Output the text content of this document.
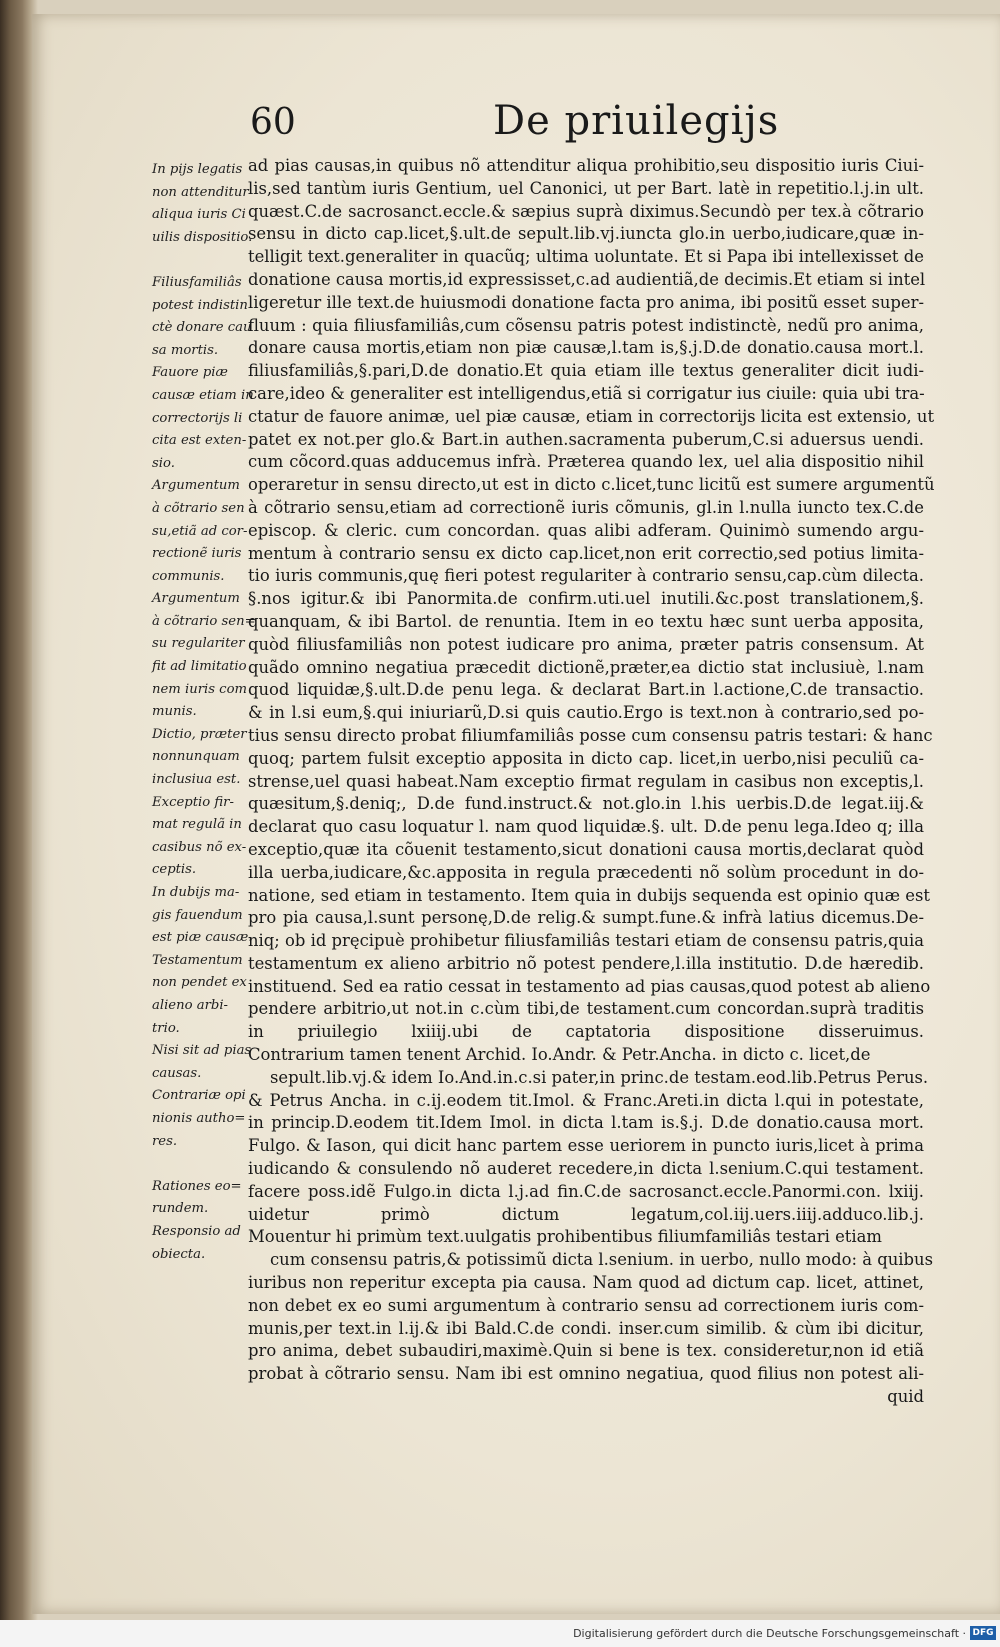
60	De priuilegijs
In pijs legatis
non attenditur
aliqua iuris Ci
uilis dispositio.
Filiusfamiliâs
potest indistin
ctè donare cau
sa mortis.
Fauore piæ
causæ etiam in
correctorijs li
cita est exten-
sio.
Argumentum
à cõtrario sen
su,etiã ad cor-
rectionẽ iuris
communis.
Argumentum
à cõtrario sen=
su regulariter
fit ad limitatio
nem iuris com
munis.
Dictio, præter
nonnunquam
inclusiua est.
Exceptio fir-
mat regulã in
casibus nõ ex-
ceptis.
In dubijs ma-
gis fauendum
est piæ causæ.
Testamentum
non pendet ex
alieno arbi-
trio.
Nisi sit ad pias
causas.
Contrariæ opi
nionis autho=
res.
Rationes eo=
rundem.
Responsio ad
obiecta.
ad pias causas,in quibus nõ attenditur aliqua prohibitio,seu dispositio iuris Ciui-
lis,sed tantùm iuris Gentium, uel Canonici, ut per Bart. latè in repetitio.l.j.in ult.
quæst.C.de sacrosanct.eccle.& sæpius suprà diximus.Secundò per tex.à cõtrario
sensu in dicto cap.licet,§.ult.de sepult.lib.vj.iuncta glo.in uerbo,iudicare,quæ in-
telligit text.generaliter in quacũq; ultima uoluntate. Et si Papa ibi intellexisset de
donatione causa mortis,id expressisset,c.ad audientiã,de decimis.Et etiam si intel
ligeretur ille text.de huiusmodi donatione facta pro anima, ibi positũ esset super-
fluum : quia filiusfamiliâs,cum cõsensu patris potest indistinctè, nedũ pro anima,
donare causa mortis,etiam non piæ causæ,l.tam is,§.j.D.de donatio.causa mort.l.
filiusfamiliâs,§.pari,D.de donatio.Et quia etiam ille textus generaliter dicit iudi-
care,ideo & generaliter est intelligendus,etiã si corrigatur ius ciuile: quia ubi tra-
ctatur de fauore animæ, uel piæ causæ, etiam in correctorijs licita est extensio, ut
patet ex not.per glo.& Bart.in authen.sacramenta puberum,C.si aduersus uendi.
cum cõcord.quas adducemus infrà. Præterea quando lex, uel alia dispositio nihil
operaretur in sensu directo,ut est in dicto c.licet,tunc licitũ est sumere argumentũ
à cõtrario sensu,etiam ad correctionẽ iuris cõmunis, gl.in l.nulla iuncto tex.C.de
episcop. & cleric. cum concordan. quas alibi adferam. Quinimò sumendo argu-
mentum à contrario sensu ex dicto cap.licet,non erit correctio,sed potius limita-
tio iuris communis,quę fieri potest regulariter à contrario sensu,cap.cùm dilecta.
§.nos igitur.& ibi Panormita.de confirm.uti.uel inutili.&c.post translationem,§.
quanquam, & ibi Bartol. de renuntia. Item in eo textu hæc sunt uerba apposita,
quòd filiusfamiliâs non potest iudicare pro anima, præter patris consensum. At
quãdo omnino negatiua præcedit dictionẽ,præter,ea dictio stat inclusiuè, l.nam
quod liquidæ,§.ult.D.de penu lega. & declarat Bart.in l.actione,C.de transactio.
& in l.si eum,§.qui iniuriarũ,D.si quis cautio.Ergo is text.non à contrario,sed po-
tius sensu directo probat filiumfamiliâs posse cum consensu patris testari: & hanc
quoq; partem fulsit exceptio apposita in dicto cap. licet,in uerbo,nisi peculiũ ca-
strense,uel quasi habeat.Nam exceptio firmat regulam in casibus non exceptis,l.
quæsitum,§.deniq;, D.de fund.instruct.& not.glo.in l.his uerbis.D.de legat.iij.&
declarat quo casu loquatur l. nam quod liquidæ.§. ult. D.de penu lega.Ideo q; illa
exceptio,quæ ita cõuenit testamento,sicut donationi causa mortis,declarat quòd
illa uerba,iudicare,&c.apposita in regula præcedenti nõ solùm procedunt in do-
natione, sed etiam in testamento. Item quia in dubijs sequenda est opinio quæ est
pro pia causa,l.sunt personę,D.de relig.& sumpt.fune.& infrà latius dicemus.De-
niq; ob id pręcipuè prohibetur filiusfamiliâs testari etiam de consensu patris,quia
testamentum ex alieno arbitrio nõ potest pendere,l.illa institutio. D.de hæredib.
instituend. Sed ea ratio cessat in testamento ad pias causas,quod potest ab alieno
pendere arbitrio,ut not.in c.cùm tibi,de testament.cum concordan.suprà traditis
in priuilegio lxiiij.ubi de captatoria dispositione disseruimus.
Contrarium tamen tenent Archid. Io.Andr. & Petr.Ancha. in dicto c. licet,de
sepult.lib.vj.& idem Io.And.in.c.si pater,in princ.de testam.eod.lib.Petrus Perus.
& Petrus Ancha. in c.ij.eodem tit.Imol. & Franc.Areti.in dicta l.qui in potestate,
in princip.D.eodem tit.Idem Imol. in dicta l.tam is.§.j. D.de donatio.causa mort.
Fulgo. & Iason, qui dicit hanc partem esse ueriorem in puncto iuris,licet à prima
iudicando & consulendo nõ auderet recedere,in dicta l.senium.C.qui testament.
facere poss.idẽ Fulgo.in dicta l.j.ad fin.C.de sacrosanct.eccle.Panormi.con. lxiij.
uidetur primò dictum legatum,col.iij.uers.iiij.adduco.lib.j.
Mouentur hi primùm text.uulgatis prohibentibus filiumfamiliâs testari etiam
cum consensu patris,& potissimũ dicta l.senium. in uerbo, nullo modo: à quibus
iuribus non reperitur excepta pia causa. Nam quod ad dictum cap. licet, attinet,
non debet ex eo sumi argumentum à contrario sensu ad correctionem iuris com-
munis,per text.in l.ij.& ibi Bald.C.de condi. inser.cum similib. & cùm ibi dicitur,
pro anima, debet subaudiri,maximè.Quin si bene is tex. consideretur,non id etiã
probat à cõtrario sensu. Nam ibi est omnino negatiua, quod filius non potest ali-
quid
Digitalisierung gefördert durch die Deutsche Forschungsgemeinschaft · DFG
